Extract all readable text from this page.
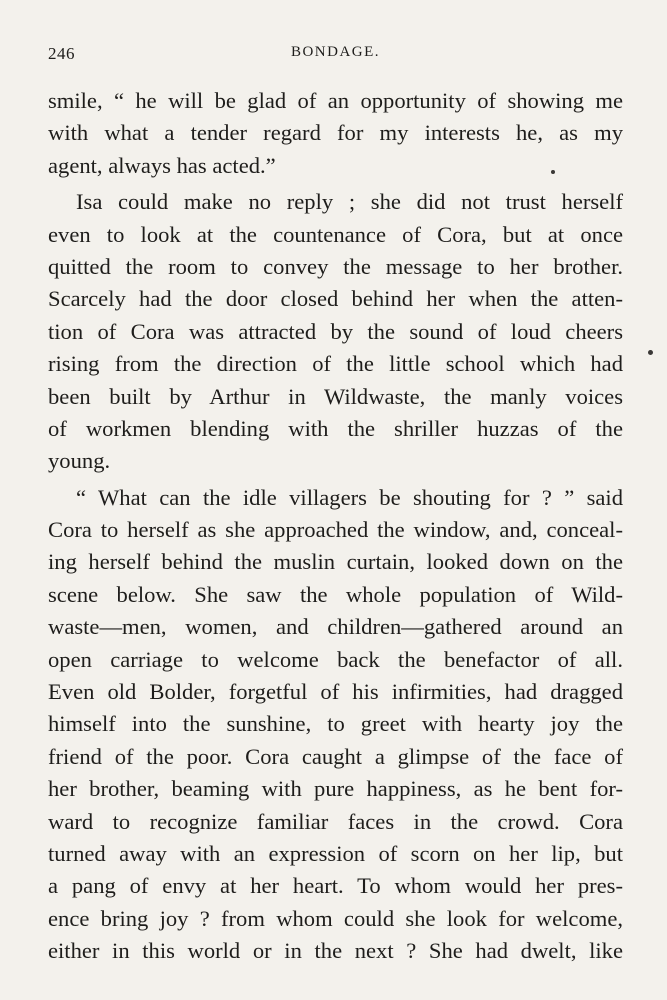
246	BONDAGE.
smile, “ he will be glad of an opportunity of showing me
with what a tender regard for my interests he, as my
agent, always has acted.”
Isa could make no reply ; she did not trust herself
even to look at the countenance of Cora, but at once
quitted the room to convey the message to her brother.
Scarcely had the door closed behind her when the atten-
tion of Cora was attracted by the sound of loud cheers
rising from the direction of the little school which had
been built by Arthur in Wildwaste, the manly voices
of workmen blending with the shriller huzzas of the
young.
“ What can the idle villagers be shouting for ? ” said
Cora to herself as she approached the window, and, conceal-
ing herself behind the muslin curtain, looked down on the
scene below. She saw the whole population of Wild-
waste—men, women, and children—gathered around an
open carriage to welcome back the benefactor of all.
Even old Bolder, forgetful of his infirmities, had dragged
himself into the sunshine, to greet with hearty joy the
friend of the poor. Cora caught a glimpse of the face of
her brother, beaming with pure happiness, as he bent for-
ward to recognize familiar faces in the crowd. Cora
turned away with an expression of scorn on her lip, but
a pang of envy at her heart. To whom would her pres-
ence bring joy ? from whom could she look for welcome,
either in this world or in the next ? She had dwelt, like
